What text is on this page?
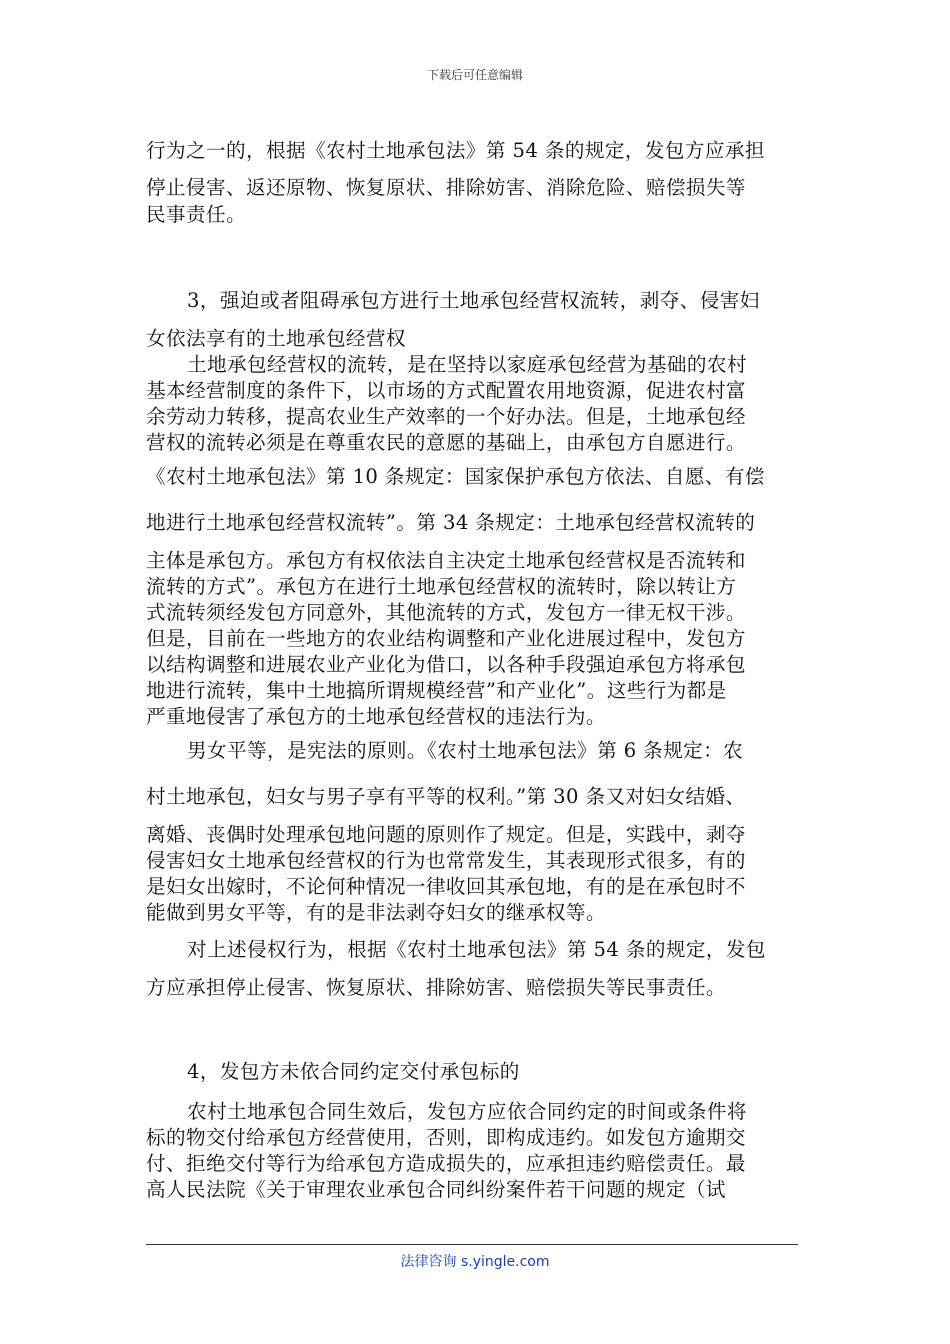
下载后可任意编辑
行为之一的，根据《农村土地承包法》第 54 条的规定，发包方应承担
停止侵害、返还原物、恢复原状、排除妨害、消除危险、赔偿损失等
民事责任。
3，强迫或者阻碍承包方进行土地承包经营权流转，剥夺、侵害妇
女依法享有的土地承包经营权
土地承包经营权的流转，是在坚持以家庭承包经营为基础的农村
基本经营制度的条件下，以市场的方式配置农用地资源，促进农村富
余劳动力转移，提高农业生产效率的一个好办法。但是，土地承包经
营权的流转必须是在尊重农民的意愿的基础上，由承包方自愿进行。
《农村土地承包法》第 10 条规定：国家保护承包方依法、自愿、有偿
地进行土地承包经营权流转”。第 34 条规定：土地承包经营权流转的
主体是承包方。承包方有权依法自主决定土地承包经营权是否流转和
流转的方式”。承包方在进行土地承包经营权的流转时，除以转让方
式流转须经发包方同意外，其他流转的方式，发包方一律无权干涉。
但是，目前在一些地方的农业结构调整和产业化进展过程中，发包方
以结构调整和进展农业产业化为借口，以各种手段强迫承包方将承包
地进行流转，集中土地搞所谓规模经营”和产业化”。这些行为都是
严重地侵害了承包方的土地承包经营权的违法行为。
男女平等，是宪法的原则。《农村土地承包法》第 6 条规定：农
村土地承包，妇女与男子享有平等的权利。”第 30 条又对妇女结婚、
离婚、丧偶时处理承包地问题的原则作了规定。但是，实践中，剥夺
侵害妇女土地承包经营权的行为也常常发生，其表现形式很多，有的
是妇女出嫁时，不论何种情况一律收回其承包地，有的是在承包时不
能做到男女平等，有的是非法剥夺妇女的继承权等。
对上述侵权行为，根据《农村土地承包法》第 54 条的规定，发包
方应承担停止侵害、恢复原状、排除妨害、赔偿损失等民事责任。
4，发包方未依合同约定交付承包标的
农村土地承包合同生效后，发包方应依合同约定的时间或条件将
标的物交付给承包方经营使用，否则，即构成违约。如发包方逾期交
付、拒绝交付等行为给承包方造成损失的，应承担违约赔偿责任。最
高人民法院《关于审理农业承包合同纠纷案件若干问题的规定（试
法律咨询 s.yingle.com
